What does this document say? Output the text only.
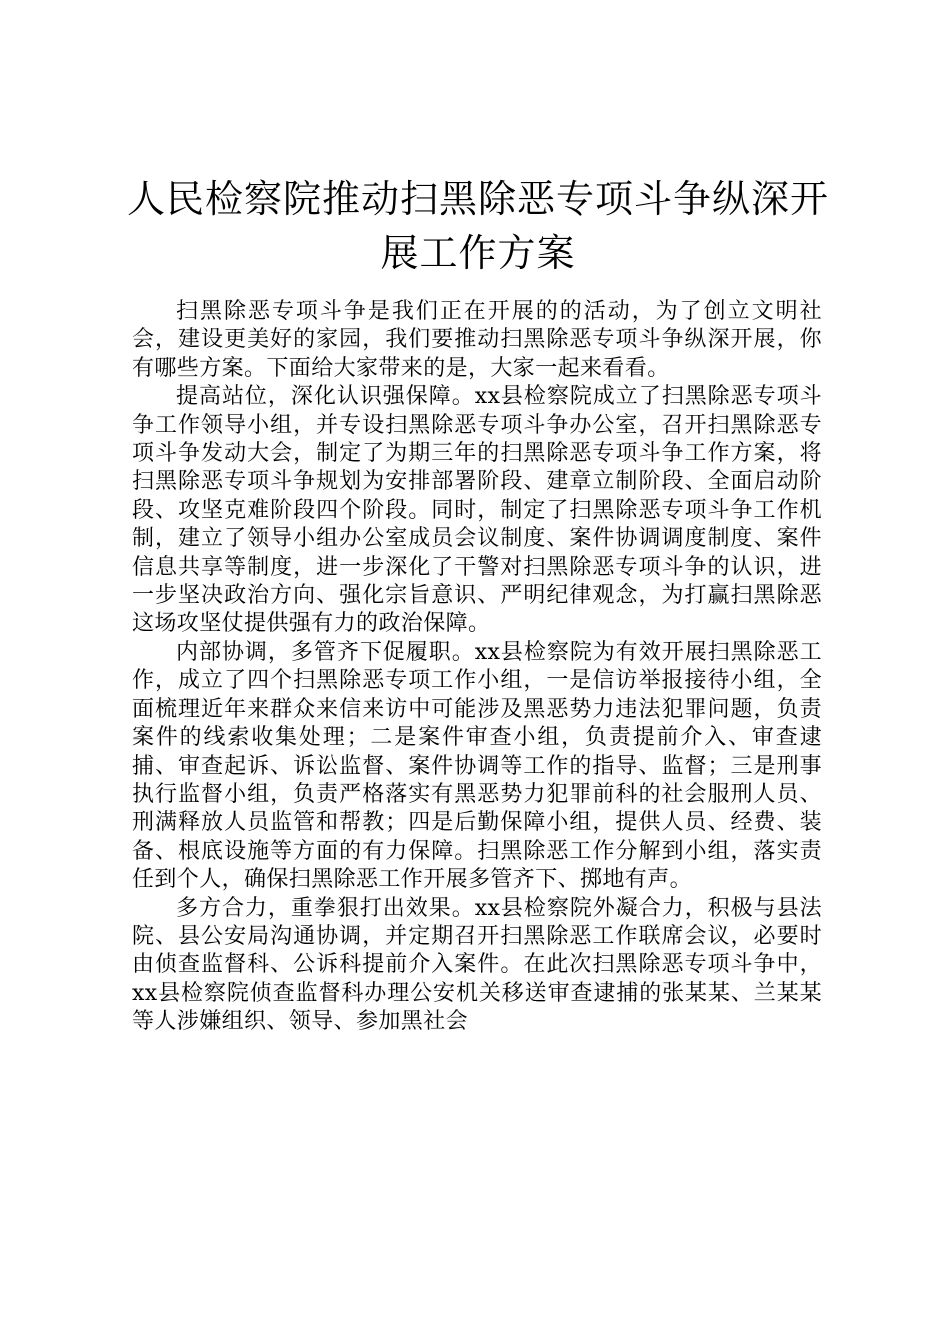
人民检察院推动扫黑除恶专项斗争纵深开展工作方案

扫黑除恶专项斗争是我们正在开展的的活动，为了创立文明社会，建设更美好的家园，我们要推动扫黑除恶专项斗争纵深开展，你有哪些方案。下面给大家带来的是，大家一起来看看。

提高站位，深化认识强保障。xx县检察院成立了扫黑除恶专项斗争工作领导小组，并专设扫黑除恶专项斗争办公室，召开扫黑除恶专项斗争发动大会，制定了为期三年的扫黑除恶专项斗争工作方案，将扫黑除恶专项斗争规划为安排部署阶段、建章立制阶段、全面启动阶段、攻坚克难阶段四个阶段。同时，制定了扫黑除恶专项斗争工作机制，建立了领导小组办公室成员会议制度、案件协调调度制度、案件信息共享等制度，进一步深化了干警对扫黑除恶专项斗争的认识，进一步坚决政治方向、强化宗旨意识、严明纪律观念，为打赢扫黑除恶这场攻坚仗提供强有力的政治保障。

内部协调，多管齐下促履职。xx县检察院为有效开展扫黑除恶工作，成立了四个扫黑除恶专项工作小组，一是信访举报接待小组，全面梳理近年来群众来信来访中可能涉及黑恶势力违法犯罪问题，负责案件的线索收集处理；二是案件审查小组，负责提前介入、审查逮捕、审查起诉、诉讼监督、案件协调等工作的指导、监督；三是刑事执行监督小组，负责严格落实有黑恶势力犯罪前科的社会服刑人员、刑满释放人员监管和帮教；四是后勤保障小组，提供人员、经费、装备、根底设施等方面的有力保障。扫黑除恶工作分解到小组，落实责任到个人，确保扫黑除恶工作开展多管齐下、掷地有声。

多方合力，重拳狠打出效果。xx县检察院外凝合力，积极与县法院、县公安局沟通协调，并定期召开扫黑除恶工作联席会议，必要时由侦查监督科、公诉科提前介入案件。在此次扫黑除恶专项斗争中，xx县检察院侦查监督科办理公安机关移送审查逮捕的张某某、兰某某等人涉嫌组织、领导、参加黑社会
